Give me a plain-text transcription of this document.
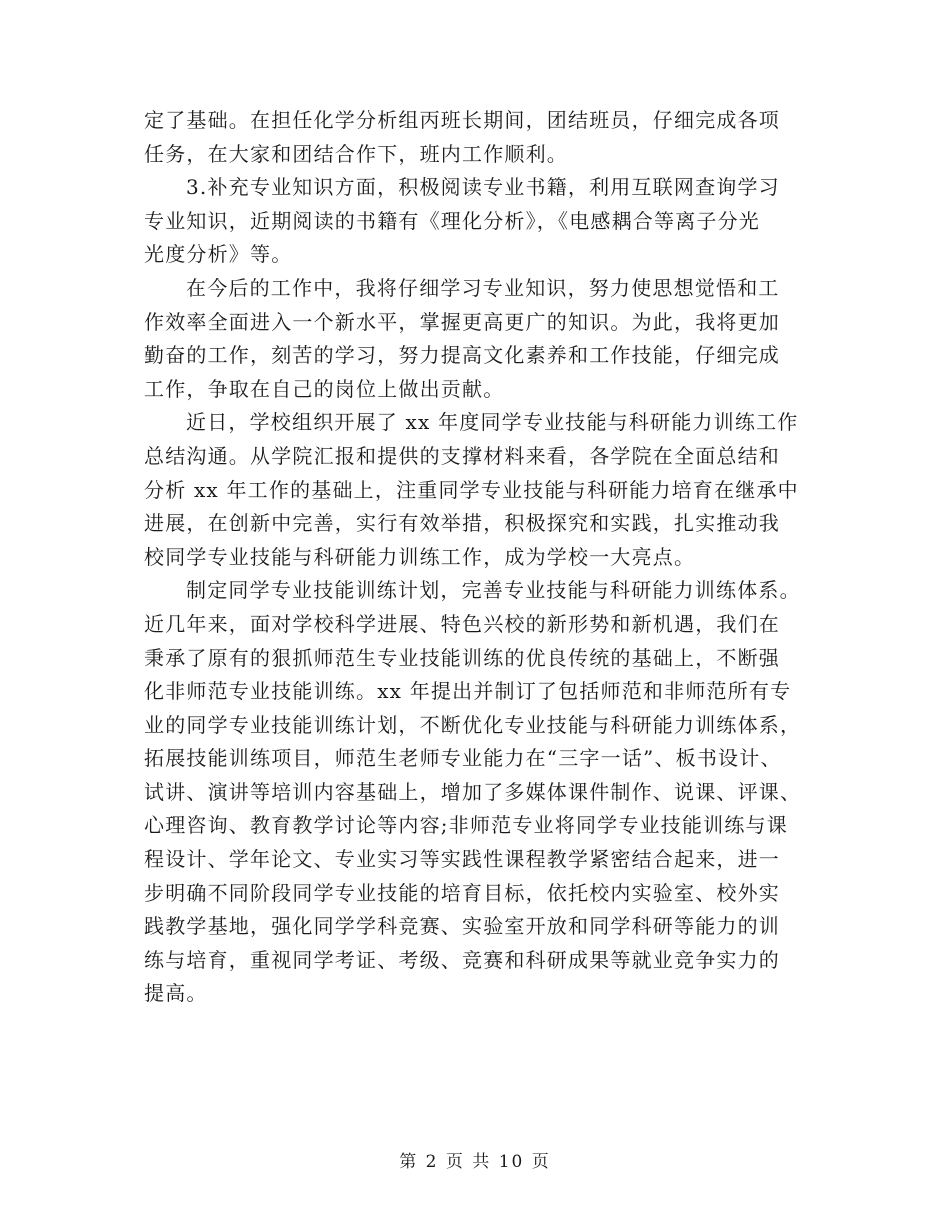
定了基础。在担任化学分析组丙班长期间，团结班员，仔细完成各项
任务，在大家和团结合作下，班内工作顺利。
3.补充专业知识方面，积极阅读专业书籍，利用互联网查询学习
专业知识，近期阅读的书籍有《理化分析》，《电感耦合等离子分光
光度分析》等。
在今后的工作中，我将仔细学习专业知识，努力使思想觉悟和工
作效率全面进入一个新水平，掌握更高更广的知识。为此，我将更加
勤奋的工作，刻苦的学习，努力提高文化素养和工作技能，仔细完成
工作，争取在自己的岗位上做出贡献。
近日，学校组织开展了 xx 年度同学专业技能与科研能力训练工作
总结沟通。从学院汇报和提供的支撑材料来看，各学院在全面总结和
分析 xx 年工作的基础上，注重同学专业技能与科研能力培育在继承中
进展，在创新中完善，实行有效举措，积极探究和实践，扎实推动我
校同学专业技能与科研能力训练工作，成为学校一大亮点。
制定同学专业技能训练计划，完善专业技能与科研能力训练体系。
近几年来，面对学校科学进展、特色兴校的新形势和新机遇，我们在
秉承了原有的狠抓师范生专业技能训练的优良传统的基础上，不断强
化非师范专业技能训练。xx 年提出并制订了包括师范和非师范所有专
业的同学专业技能训练计划，不断优化专业技能与科研能力训练体系，
拓展技能训练项目，师范生老师专业能力在“三字一话”、板书设计、
试讲、演讲等培训内容基础上，增加了多媒体课件制作、说课、评课、
心理咨询、教育教学讨论等内容;非师范专业将同学专业技能训练与课
程设计、学年论文、专业实习等实践性课程教学紧密结合起来，进一
步明确不同阶段同学专业技能的培育目标，依托校内实验室、校外实
践教学基地，强化同学学科竞赛、实验室开放和同学科研等能力的训
练与培育，重视同学考证、考级、竞赛和科研成果等就业竞争实力的
提高。
第 2 页 共 10 页
